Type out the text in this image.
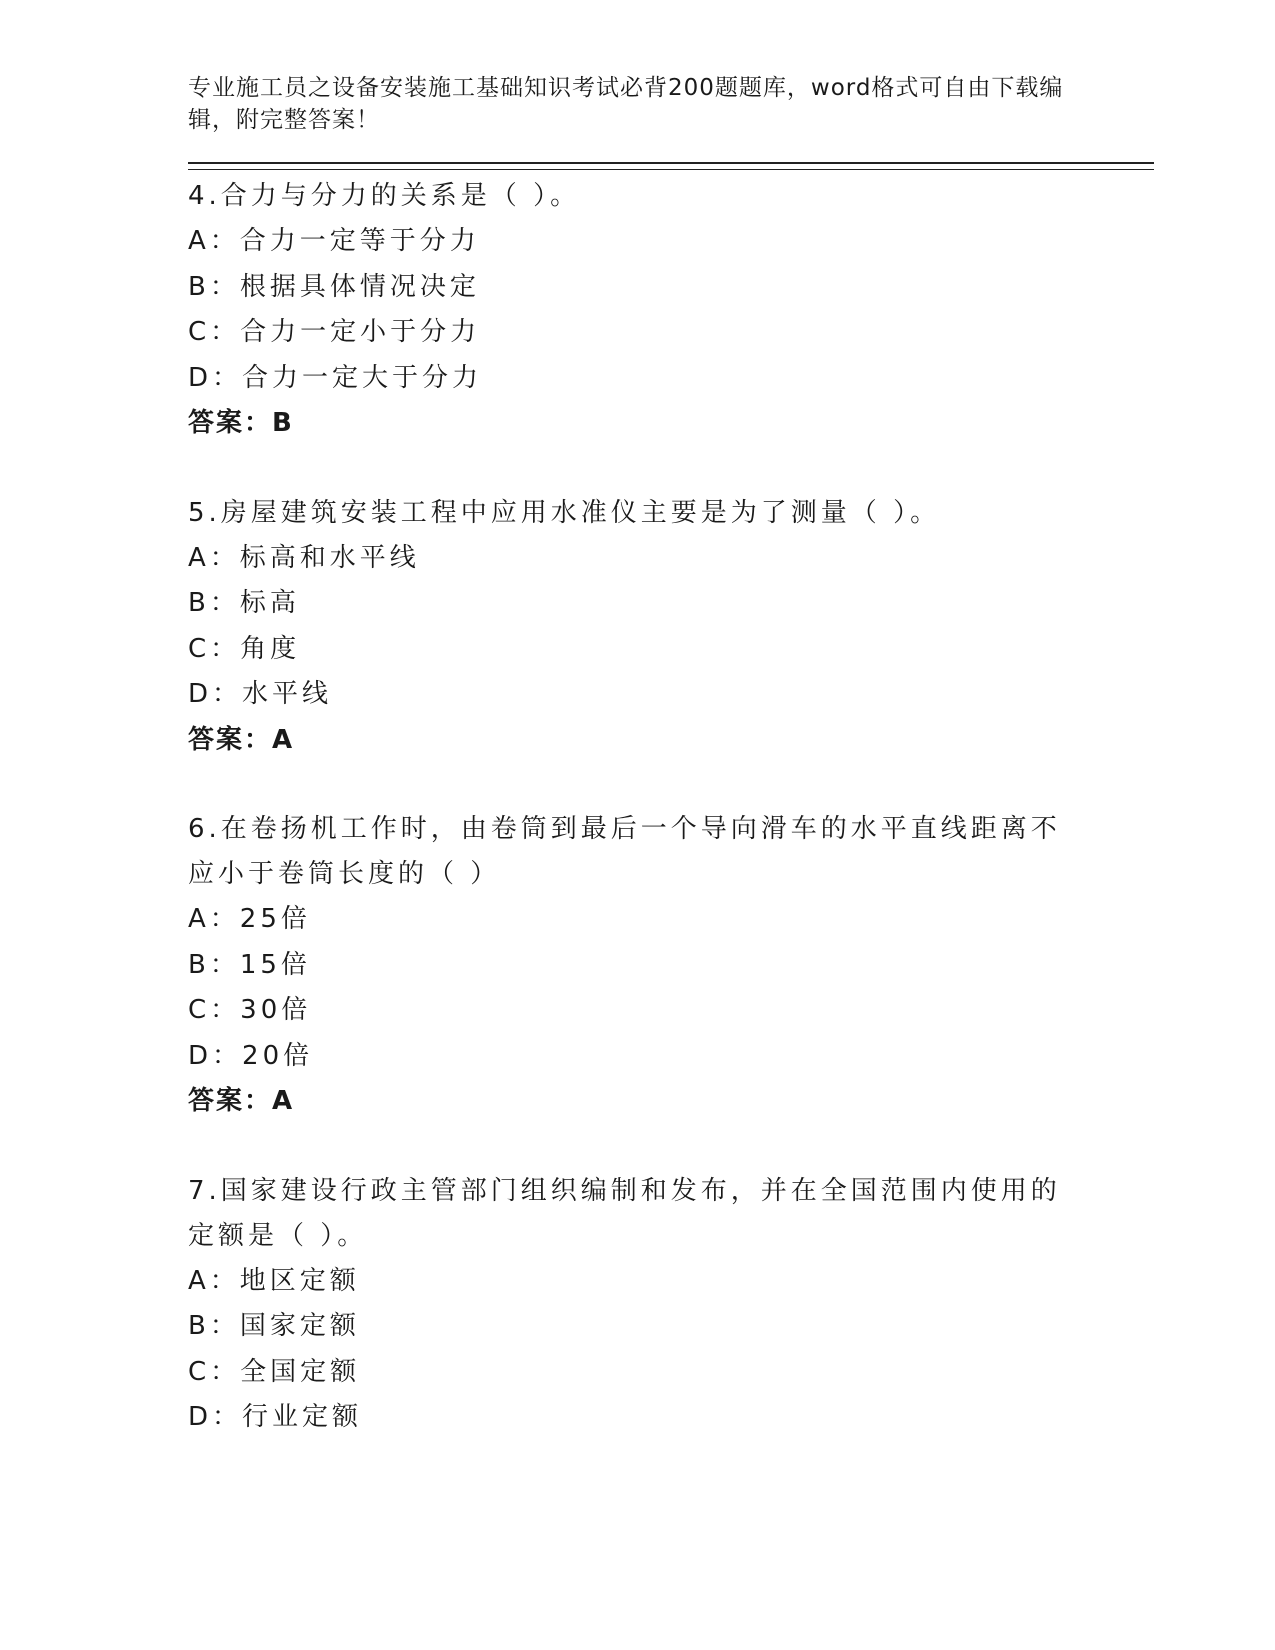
专业施工员之设备安装施工基础知识考试必背200题题库，word格式可自由下载编辑，附完整答案！

4.合力与分力的关系是（ ）。

A：合力一定等于分力

B：根据具体情况决定

C：合力一定小于分力

D：合力一定大于分力

答案：B

5.房屋建筑安装工程中应用水准仪主要是为了测量（ ）。

A：标高和水平线

B：标高

C：角度

D：水平线

答案：A

6.在卷扬机工作时，由卷筒到最后一个导向滑车的水平直线距离不应小于卷筒长度的（ ）

A：25倍

B：15倍

C：30倍

D：20倍

答案：A

7.国家建设行政主管部门组织编制和发布，并在全国范围内使用的定额是（ ）。

A：地区定额

B：国家定额

C：全国定额

D：行业定额
